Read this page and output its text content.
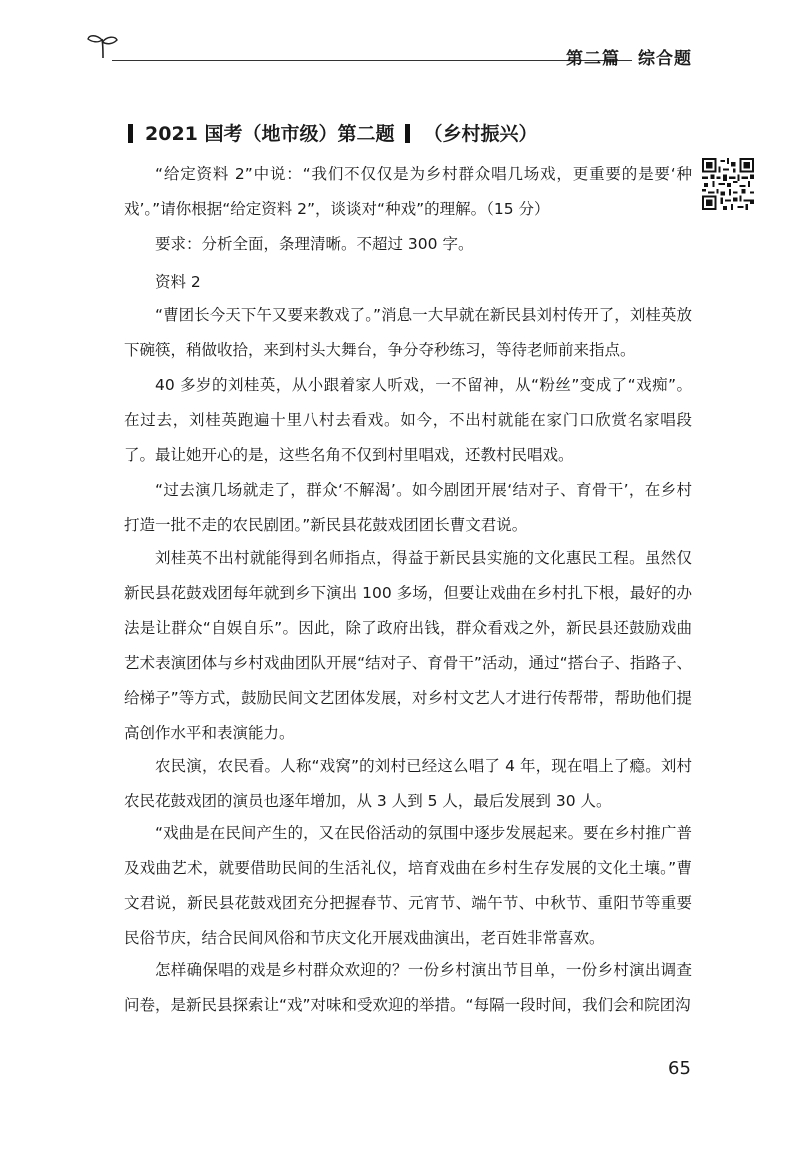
第二篇 综合题
2021 国考（地市级）第二题 （乡村振兴）

“给定资料 2”中说：“我们不仅仅是为乡村群众唱几场戏，更重要的是要‘种戏’。”请你根据“给定资料 2”，谈谈对“种戏”的理解。（15 分）

要求：分析全面，条理清晰。不超过 300 字。

资料 2

“曹团长今天下午又要来教戏了。”消息一大早就在新民县刘村传开了，刘桂英放下碗筷，稍做收拾，来到村头大舞台，争分夺秒练习，等待老师前来指点。

40 多岁的刘桂英，从小跟着家人听戏，一不留神，从“粉丝”变成了“戏痴”。在过去，刘桂英跑遍十里八村去看戏。如今，不出村就能在家门口欣赏名家唱段了。最让她开心的是，这些名角不仅到村里唱戏，还教村民唱戏。

“过去演几场就走了，群众‘不解渴’。如今剧团开展‘结对子、育骨干’，在乡村打造一批不走的农民剧团。”新民县花鼓戏团团长曹文君说。

刘桂英不出村就能得到名师指点，得益于新民县实施的文化惠民工程。虽然仅新民县花鼓戏团每年就到乡下演出 100 多场，但要让戏曲在乡村扎下根，最好的办法是让群众“自娱自乐”。因此，除了政府出钱，群众看戏之外，新民县还鼓励戏曲艺术表演团体与乡村戏曲团队开展“结对子、育骨干”活动，通过“搭台子、指路子、给梯子”等方式，鼓励民间文艺团体发展，对乡村文艺人才进行传帮带，帮助他们提高创作水平和表演能力。

农民演，农民看。人称“戏窝”的刘村已经这么唱了 4 年，现在唱上了瘾。刘村农民花鼓戏团的演员也逐年增加，从 3 人到 5 人，最后发展到 30 人。

“戏曲是在民间产生的，又在民俗活动的氛围中逐步发展起来。要在乡村推广普及戏曲艺术，就要借助民间的生活礼仪，培育戏曲在乡村生存发展的文化土壤。”曹文君说，新民县花鼓戏团充分把握春节、元宵节、端午节、中秋节、重阳节等重要民俗节庆，结合民间风俗和节庆文化开展戏曲演出，老百姓非常喜欢。

怎样确保唱的戏是乡村群众欢迎的？一份乡村演出节目单，一份乡村演出调查问卷，是新民县探索让“戏”对味和受欢迎的举措。“每隔一段时间，我们会和院团沟

65
